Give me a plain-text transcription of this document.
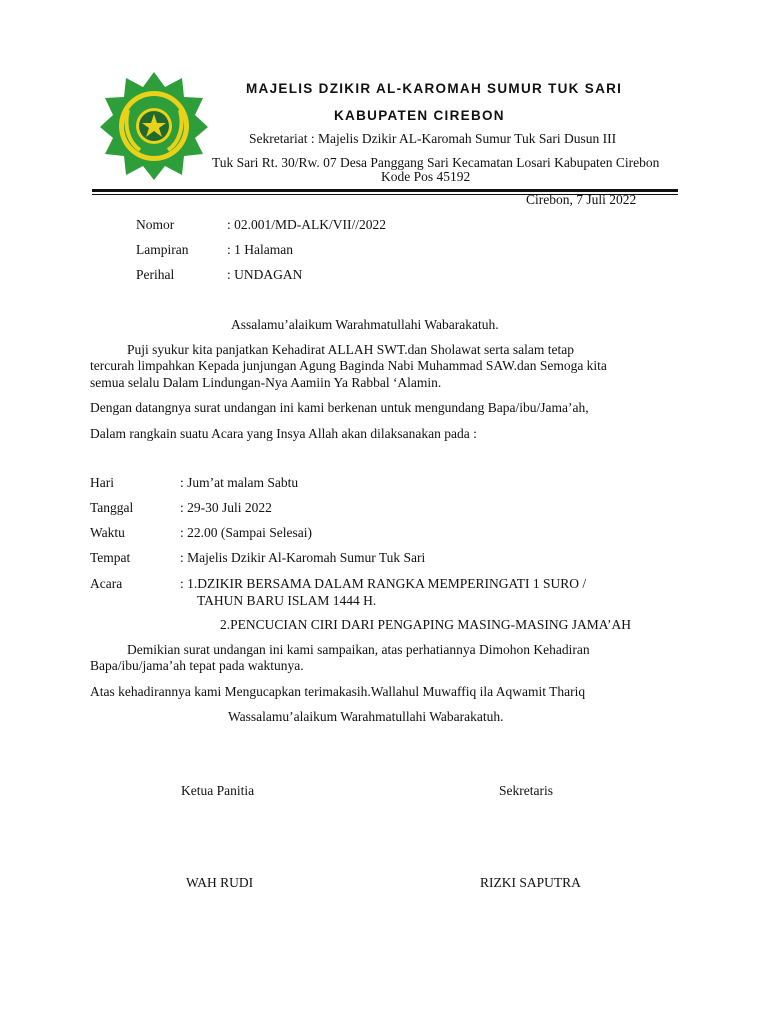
MAJELIS DZIKIR AL-KAROMAH SUMUR TUK SARI
KABUPATEN CIREBON
Sekretariat : Majelis Dzikir AL-Karomah Sumur Tuk Sari Dusun III
Tuk Sari Rt. 30/Rw. 07 Desa Panggang Sari Kecamatan Losari Kabupaten Cirebon
Kode Pos 45192
Cirebon, 7 Juli 2022
Nomor	: 02.001/MD-ALK/VII//2022
Lampiran	: 1 Halaman
Perihal	: UNDAGAN
Assalamu’alaikum Warahmatullahi Wabarakatuh.
Puji syukur kita panjatkan Kehadirat ALLAH SWT.dan Sholawat serta salam tetap
tercurah limpahkan Kepada junjungan Agung Baginda Nabi Muhammad SAW.dan Semoga kita
semua selalu Dalam Lindungan-Nya Aamiin Ya Rabbal ‘Alamin.
Dengan datangnya surat undangan ini kami berkenan untuk mengundang Bapa/ibu/Jama’ah,
Dalam rangkain suatu Acara yang Insya Allah akan dilaksanakan pada :
Hari	: Jum’at malam Sabtu
Tanggal	: 29-30 Juli 2022
Waktu	: 22.00 (Sampai Selesai)
Tempat	: Majelis Dzikir Al-Karomah Sumur Tuk Sari
Acara	: 1.DZIKIR BERSAMA DALAM RANGKA MEMPERINGATI 1 SURO /
TAHUN BARU ISLAM 1444 H.
2.PENCUCIAN CIRI DARI PENGAPING MASING-MASING JAMA’AH
Demikian surat undangan ini kami sampaikan, atas perhatiannya Dimohon Kehadiran
Bapa/ibu/jama’ah tepat pada waktunya.
Atas kehadirannya kami Mengucapkan terimakasih.Wallahul Muwaffiq ila Aqwamit Thariq
Wassalamu’alaikum Warahmatullahi Wabarakatuh.
Ketua Panitia	Sekretaris
WAH RUDI	RIZKI SAPUTRA
